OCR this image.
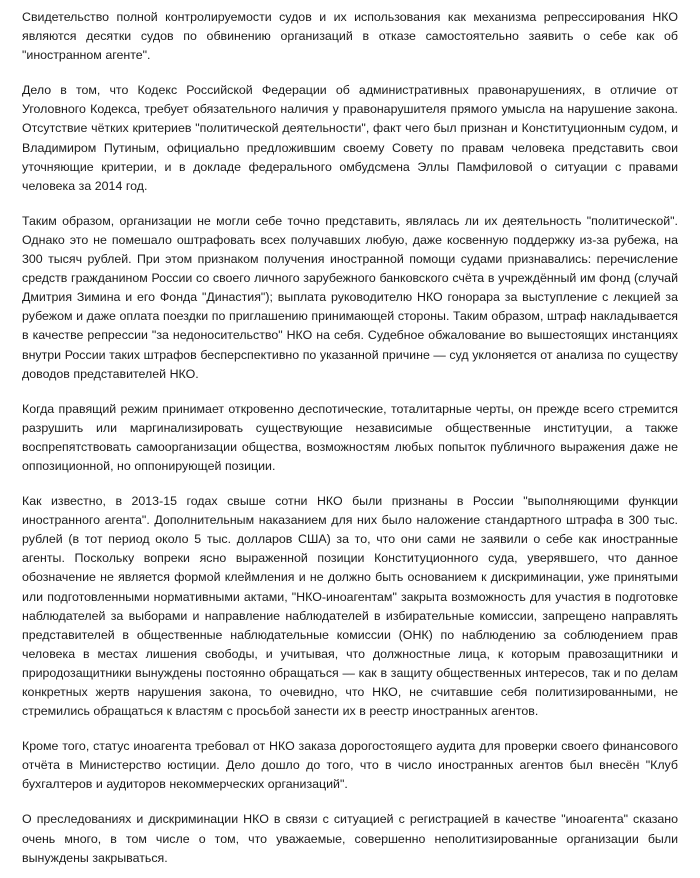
Свидетельство полной контролируемости судов и их использования как механизма репрессирования НКО являются десятки судов по обвинению организаций в отказе самостоятельно заявить о себе как об "иностранном агенте".

Дело в том, что Кодекс Российской Федерации об административных правонарушениях, в отличие от Уголовного Кодекса, требует обязательного наличия у правонарушителя прямого умысла на нарушение закона. Отсутствие чётких критериев "политической деятельности", факт чего был признан и Конституционным судом, и Владимиром Путиным, официально предложившим своему Совету по правам человека представить свои уточняющие критерии, и в докладе федерального омбудсмена Эллы Памфиловой о ситуации с правами человека за 2014 год.

Таким образом, организации не могли себе точно представить, являлась ли их деятельность "политической". Однако это не помешало оштрафовать всех получавших любую, даже косвенную поддержку из-за рубежа, на 300 тысяч рублей. При этом признаком получения иностранной помощи судами признавались: перечисление средств гражданином России со своего личного зарубежного банковского счёта в учреждённый им фонд (случай Дмитрия Зимина и его Фонда "Династия"); выплата руководителю НКО гонорара за выступление с лекцией за рубежом и даже оплата поездки по приглашению принимающей стороны. Таким образом, штраф накладывается в качестве репрессии "за недоносительство" НКО на себя. Судебное обжалование во вышестоящих инстанциях внутри России таких штрафов бесперспективно по указанной причине — суд уклоняется от анализа по существу доводов представителей НКО.

Когда правящий режим принимает откровенно деспотические, тоталитарные черты, он прежде всего стремится разрушить или маргинализировать существующие независимые общественные институции, а также воспрепятствовать самоорганизации общества, возможностям любых попыток публичного выражения даже не оппозиционной, но оппонирующей позиции.

Как известно, в 2013-15 годах свыше сотни НКО были признаны в России "выполняющими функции иностранного агента". Дополнительным наказанием для них было наложение стандартного штрафа в 300 тыс. рублей (в тот период около 5 тыс. долларов США) за то, что они сами не заявили о себе как иностранные агенты. Поскольку вопреки ясно выраженной позиции Конституционного суда, уверявшего, что данное обозначение не является формой клеймления и не должно быть основанием к дискриминации, уже принятыми или подготовленными нормативными актами, "НКО-иноагентам" закрыта возможность для участия в подготовке наблюдателей за выборами и направление наблюдателей в избирательные комиссии, запрещено направлять представителей в общественные наблюдательные комиссии (ОНК) по наблюдению за соблюдением прав человека в местах лишения свободы, и учитывая, что должностные лица, к которым правозащитники и природозащитники вынуждены постоянно обращаться — как в защиту общественных интересов, так и по делам конкретных жертв нарушения закона, то очевидно, что НКО, не считавшие себя политизированными, не стремились обращаться к властям с просьбой занести их в реестр иностранных агентов.

Кроме того, статус иноагента требовал от НКО заказа дорогостоящего аудита для проверки своего финансового отчёта в Министерство юстиции. Дело дошло до того, что в число иностранных агентов был внесён "Клуб бухгалтеров и аудиторов некоммерческих организаций".

О преследованиях и дискриминации НКО в связи с ситуацией с регистрацией в качестве "иноагента" сказано очень много, в том числе о том, что уважаемые, совершенно неполитизированные организации были вынуждены закрываться.
